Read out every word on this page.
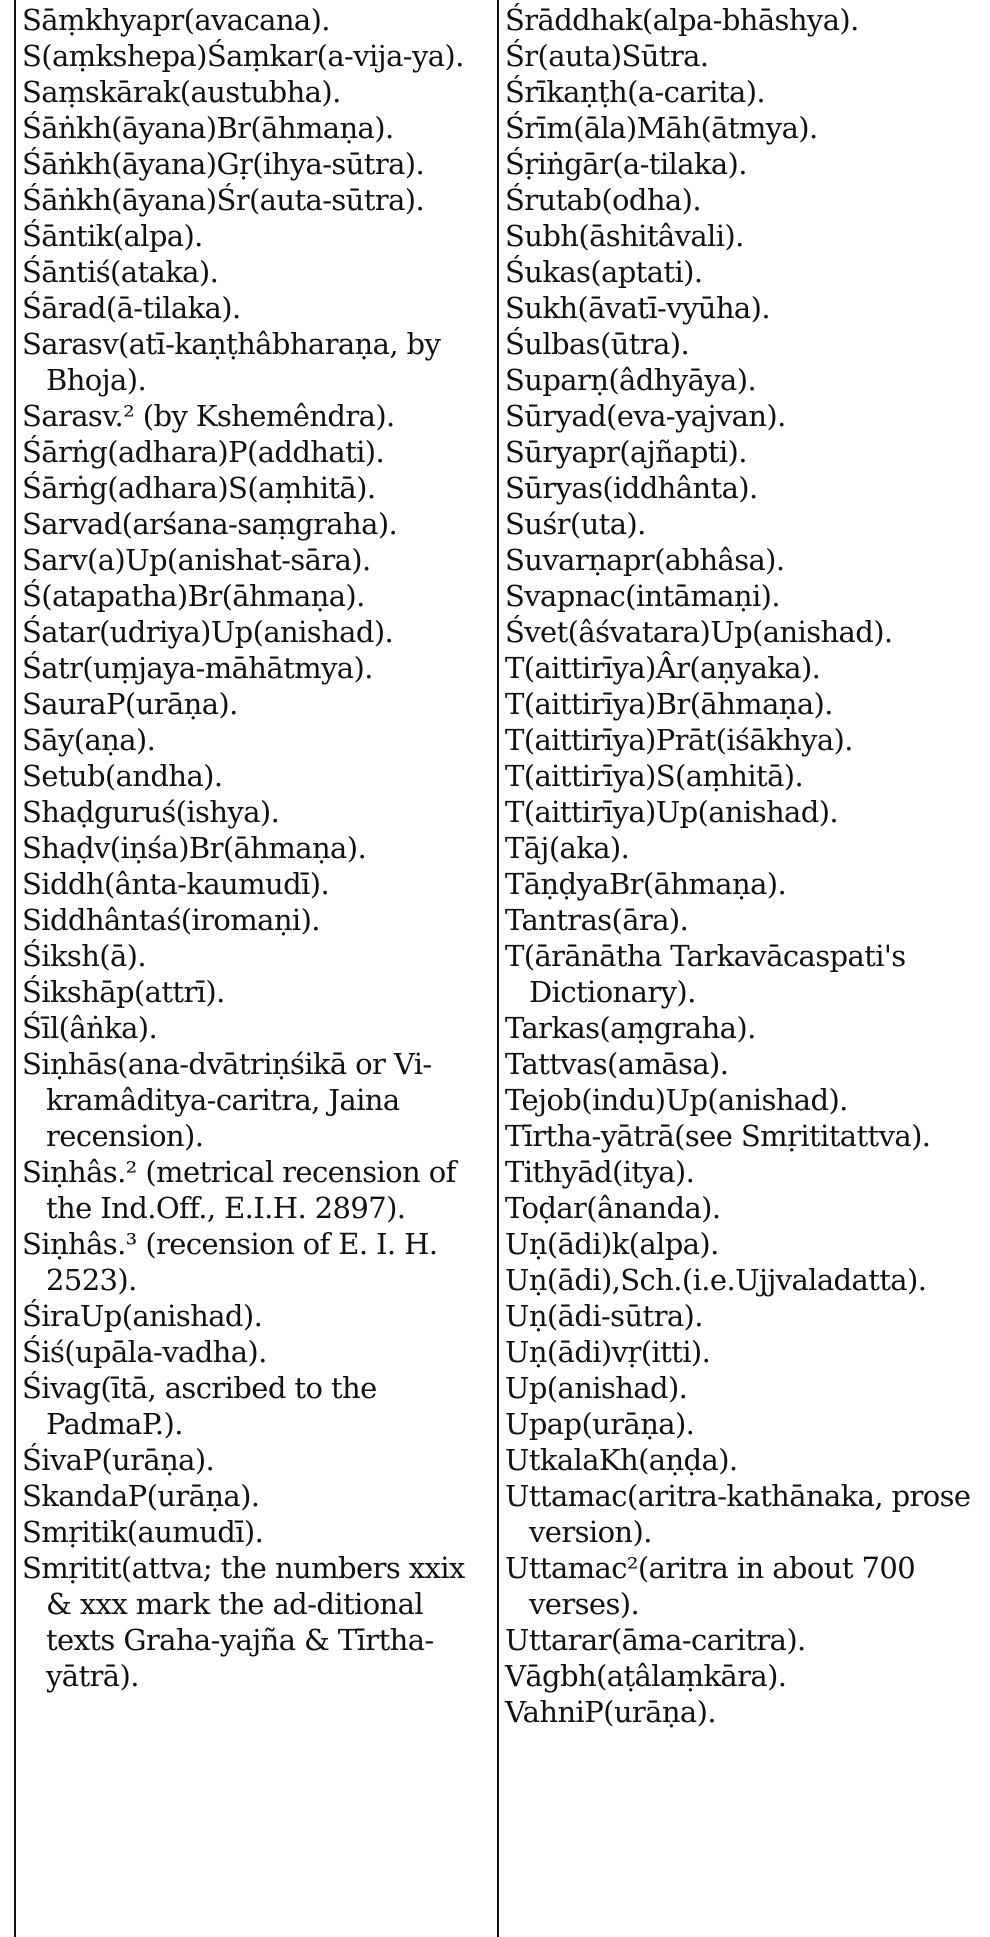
Sāṃkhyapr(avacana).

S(aṃkshepa)Śaṃkar(a-vija-ya).

Saṃskārak(austubha).

Śāṅkh(āyana)Br(āhmaṇa).

Śāṅkh(āyana)Gṛ(ihya-sūtra).

Śāṅkh(āyana)Śr(auta-sūtra).

Śāntik(alpa).

Śāntiś(ataka).

Śārad(ā-tilaka).

Sarasv(atī-kaṇṭhâbharaṇa, by Bhoja).

Sarasv.² (by Kshemêndra).

Śārṅg(adhara)P(addhati).

Śārṅg(adhara)S(aṃhitā).

Sarvad(arśana-saṃgraha).

Sarv(a)Up(anishat-sāra).

Ś(atapatha)Br(āhmaṇa).

Śatar(udriya)Up(anishad).

Śatr(uṃjaya-māhātmya).

SauraP(urāṇa).

Sāy(aṇa).

Setub(andha).

Shaḍguruś(ishya).

Shaḍv(iṇśa)Br(āhmaṇa).

Siddh(ânta-kaumudī).

Siddhântaś(iromaṇi).

Śiksh(ā).

Śikshāp(attrī).

Śīl(âṅka).

Siṇhās(ana-dvātriṇśikā or Vi-kramâditya-caritra, Jaina recension).

Siṇhâs.² (metrical recension of the Ind.Off., E.I.H. 2897).

Siṇhâs.³ (recension of E. I. H. 2523).

ŚiraUp(anishad).

Śiś(upāla-vadha).

Śivag(ītā, ascribed to the PadmaP.).

ŚivaP(urāṇa).

SkandaP(urāṇa).

Smṛitik(aumudī).

Smṛitit(attva; the numbers xxix & xxx mark the ad-ditional texts Graha-yajña & Tīrtha-yātrā).

Śrāddhak(alpa-bhāshya).

Śr(auta)Sūtra.

Śrīkaṇṭh(a-carita).

Śrīm(āla)Māh(ātmya).

Śṛiṅgār(a-tilaka).

Śrutab(odha).

Subh(āshitâvali).

Śukas(aptati).

Sukh(āvatī-vyūha).

Śulbas(ūtra).

Suparṇ(âdhyāya).

Sūryad(eva-yajvan).

Sūryapr(ajñapti).

Sūryas(iddhânta).

Suśr(uta).

Suvarṇapr(abhâsa).

Svapnac(intāmaṇi).

Śvet(âśvatara)Up(anishad).

T(aittirīya)Âr(aṇyaka).

T(aittirīya)Br(āhmaṇa).

T(aittirīya)Prāt(iśākhya).

T(aittirīya)S(aṃhitā).

T(aittirīya)Up(anishad).

Tāj(aka).

TāṇḍyaBr(āhmaṇa).

Tantras(āra).

T(ārānātha Tarkavācaspati's Dictionary).

Tarkas(aṃgraha).

Tattvas(amāsa).

Tejob(indu)Up(anishad).

Tīrtha-yātrā(see Smṛititattva).

Tithyād(itya).

Toḍar(ânanda).

Uṇ(ādi)k(alpa).

Uṇ(ādi),Sch.(i.e.Ujjvaladatta).

Uṇ(ādi-sūtra).

Uṇ(ādi)vṛ(itti).

Up(anishad).

Upap(urāṇa).

UtkalaKh(aṇḍa).

Uttamac(aritra-kathānaka, prose version).

Uttamac²(aritra in about 700 verses).

Uttarar(āma-caritra).

Vāgbh(aṭâlaṃkāra).

VahniP(urāṇa).
